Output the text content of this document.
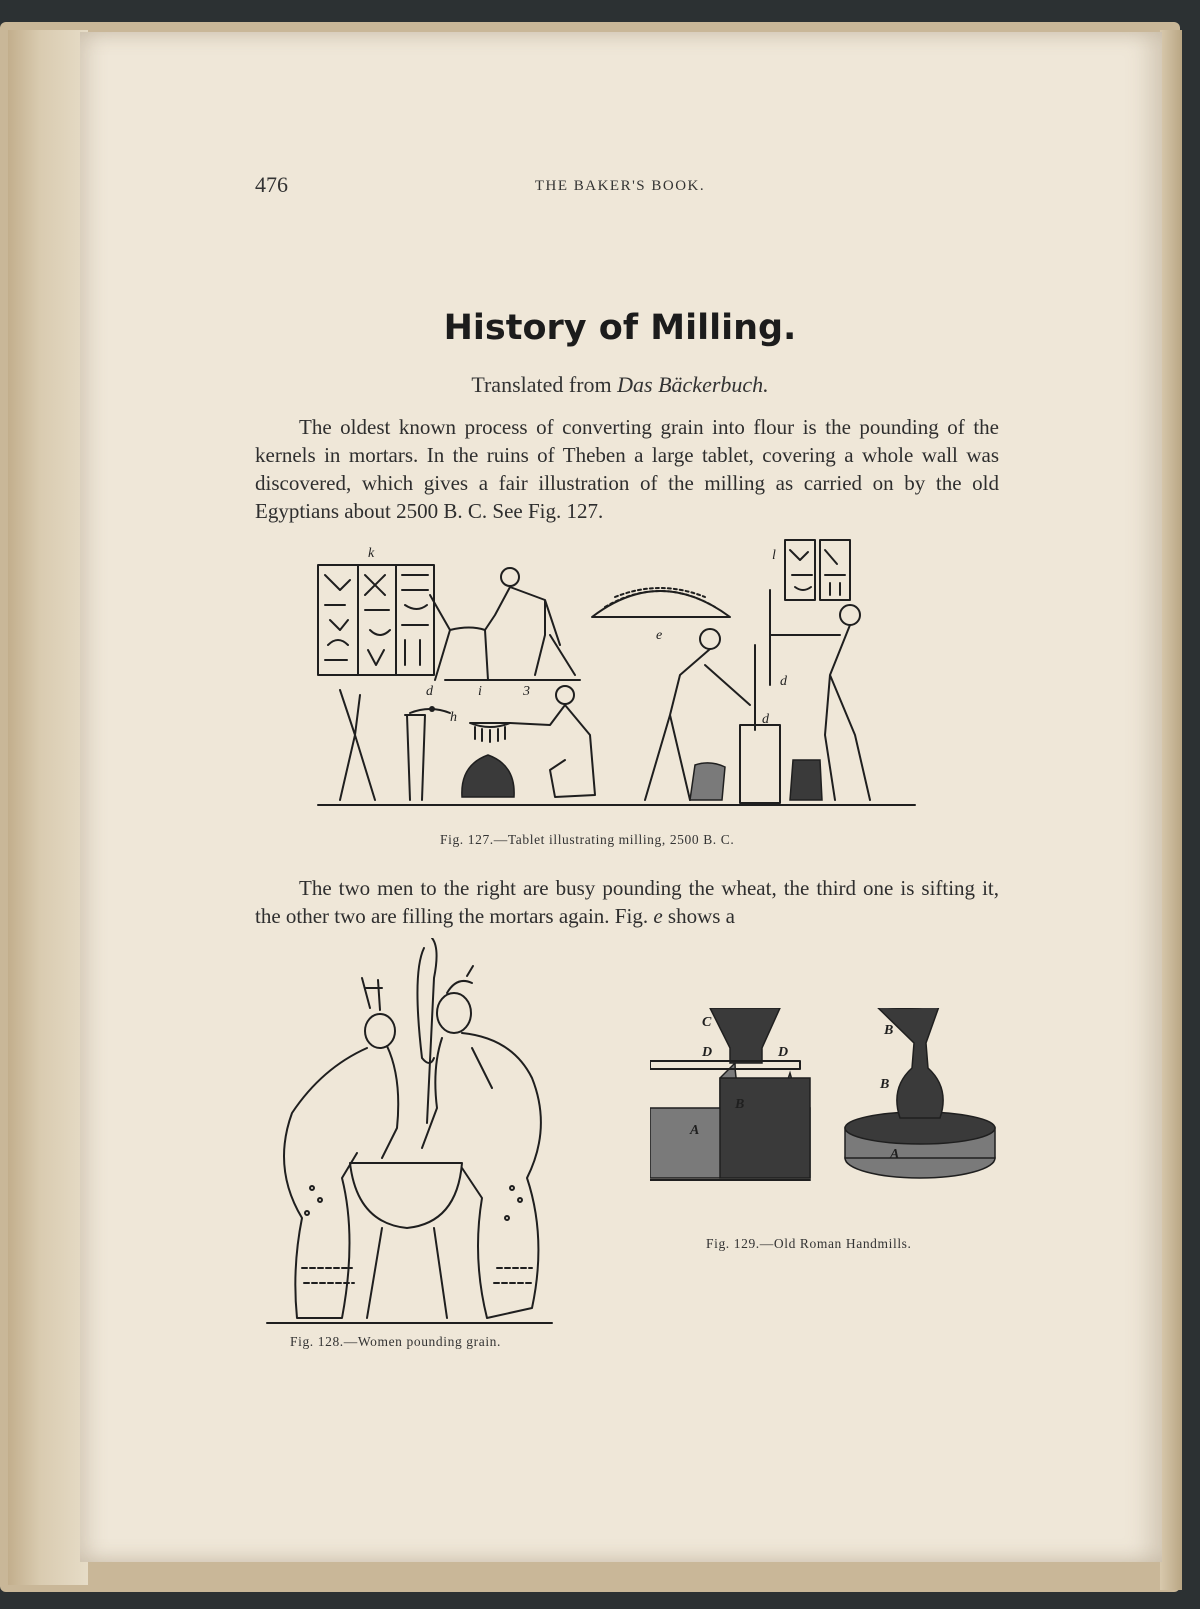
476	THE BAKER'S BOOK.
History of Milling.
Translated from Das Bäckerbuch.

The oldest known process of converting grain into flour is the pounding of the kernels in mortars. In the ruins of Theben a large tablet, covering a whole wall was discovered, which gives a fair illustration of the milling as carried on by the old Egyptians about 2500 B. C. See Fig. 127.

k
d	i	3
e
h
d
d
l
Fig. 127.—Tablet illustrating milling, 2500 B. C.

The two men to the right are busy pounding the wheat, the third one is sifting it, the other two are filling the mortars again. Fig. e shows a

Fig. 128.—Women pounding grain.
D
A
B
C
D
B
B
A
Fig. 129.—Old Roman Handmills.
